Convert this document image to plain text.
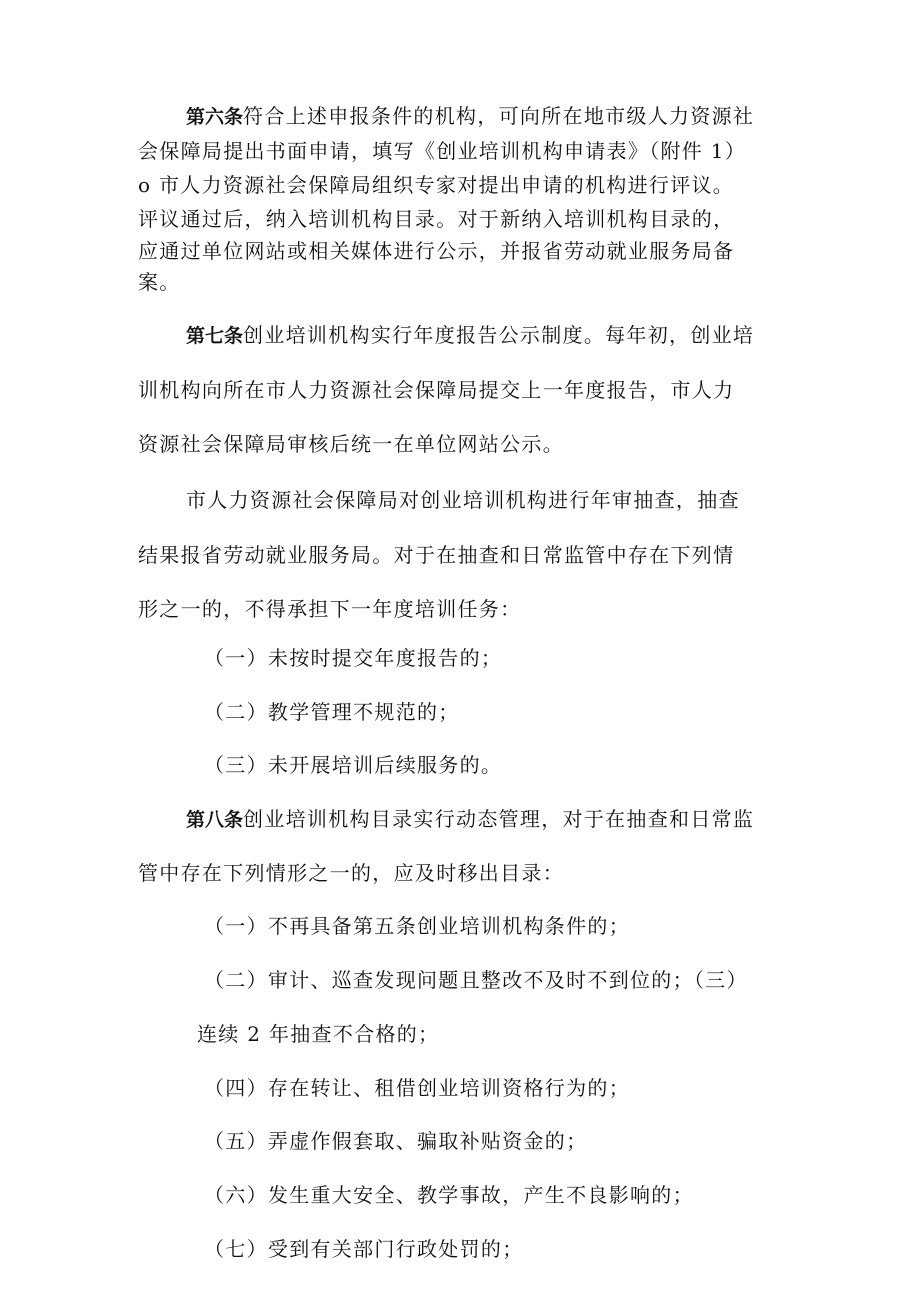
第六条符合上述申报条件的机构，可向所在地市级人力资源社
会保障局提出书面申请，填写《创业培训机构申请表》（附件 1）
o 市人力资源社会保障局组织专家对提出申请的机构进行评议。
评议通过后，纳入培训机构目录。对于新纳入培训机构目录的，
应通过单位网站或相关媒体进行公示，并报省劳动就业服务局备
案。
第七条创业培训机构实行年度报告公示制度。每年初，创业培
训机构向所在市人力资源社会保障局提交上一年度报告，市人力
资源社会保障局审核后统一在单位网站公示。
市人力资源社会保障局对创业培训机构进行年审抽查，抽查
结果报省劳动就业服务局。对于在抽查和日常监管中存在下列情
形之一的，不得承担下一年度培训任务：
（一）未按时提交年度报告的；
（二）教学管理不规范的；
（三）未开展培训后续服务的。
第八条创业培训机构目录实行动态管理，对于在抽查和日常监
管中存在下列情形之一的，应及时移出目录：
（一）不再具备第五条创业培训机构条件的；
（二）审计、巡查发现问题且整改不及时不到位的；（三）
连续 2 年抽查不合格的；
（四）存在转让、租借创业培训资格行为的；
（五）弄虚作假套取、骗取补贴资金的；
（六）发生重大安全、教学事故，产生不良影响的；
（七）受到有关部门行政处罚的；
